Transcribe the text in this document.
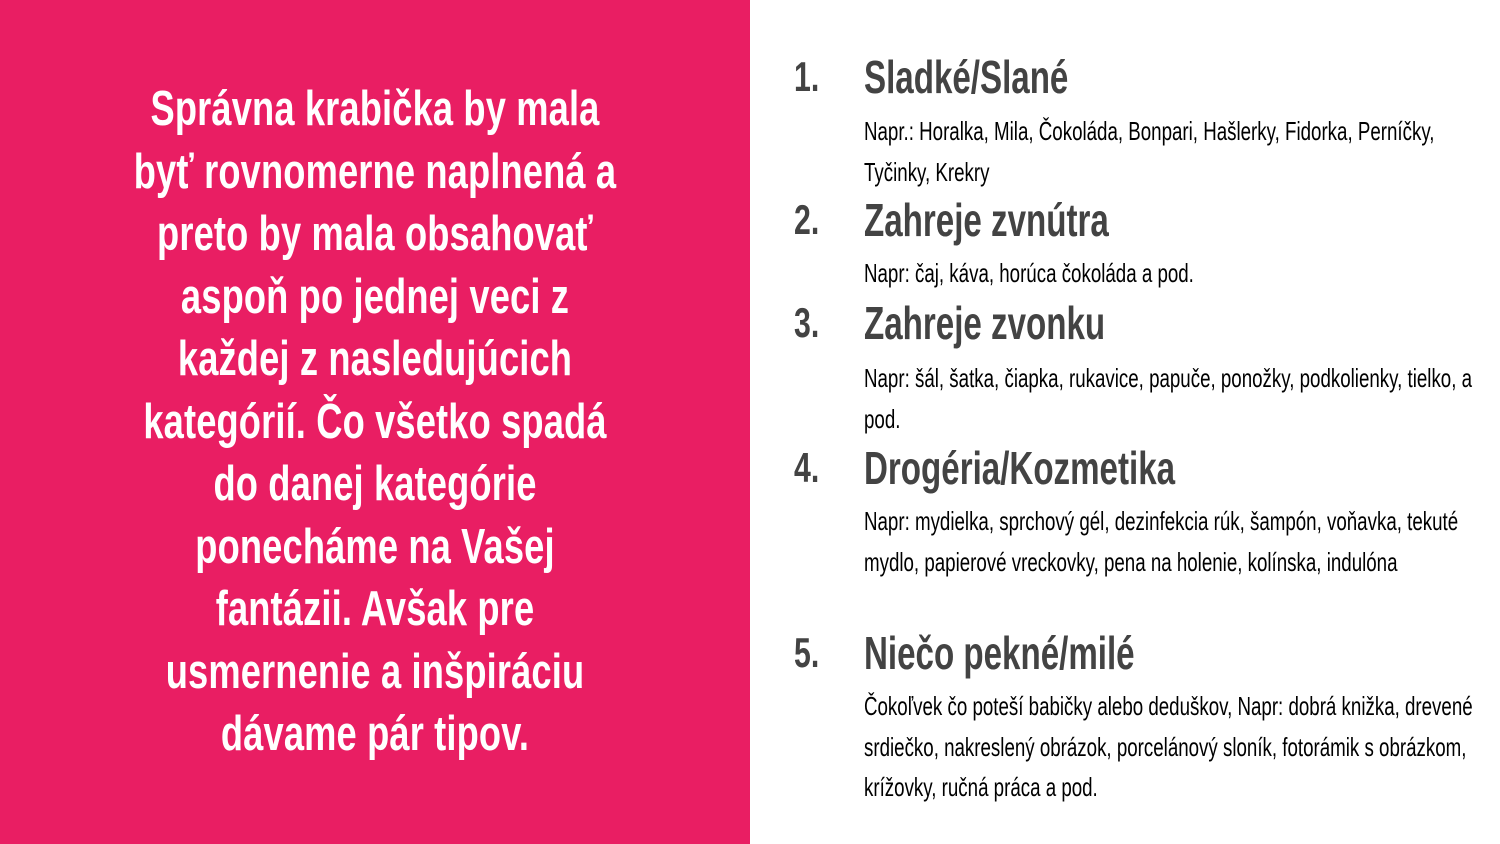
Správna krabička by mala byť rovnomerne naplnená a preto by mala obsahovať aspoň po jednej veci z každej z nasledujúcich kategórií. Čo všetko spadá do danej kategórie ponecháme na Vašej fantázii. Avšak pre usmernenie a inšpiráciu dávame pár tipov.
1. Sladké/Slané
Napr.: Horalka, Mila, Čokoláda, Bonpari, Hašlerky, Fidorka, Perníčky, Tyčinky, Krekry
2. Zahreje zvnútra
Napr: čaj, káva, horúca čokoláda a pod.
3. Zahreje zvonku
Napr: šál, šatka, čiapka, rukavice, papuče, ponožky, podkolienky, tielko, a pod.
4. Drogéria/Kozmetika
Napr: mydielka, sprchový gél, dezinfekcia rúk, šampón, voňavka, tekuté mydlo, papierové vreckovky, pena na holenie, kolínska, indulóna
5. Niečo pekné/milé
Čokoľvek čo poteší babičky alebo deduškov, Napr: dobrá knižka, drevené srdiečko, nakreslený obrázok, porcelánový sloník, fotorámik s obrázkom, krížovky, ručná práca a pod.
